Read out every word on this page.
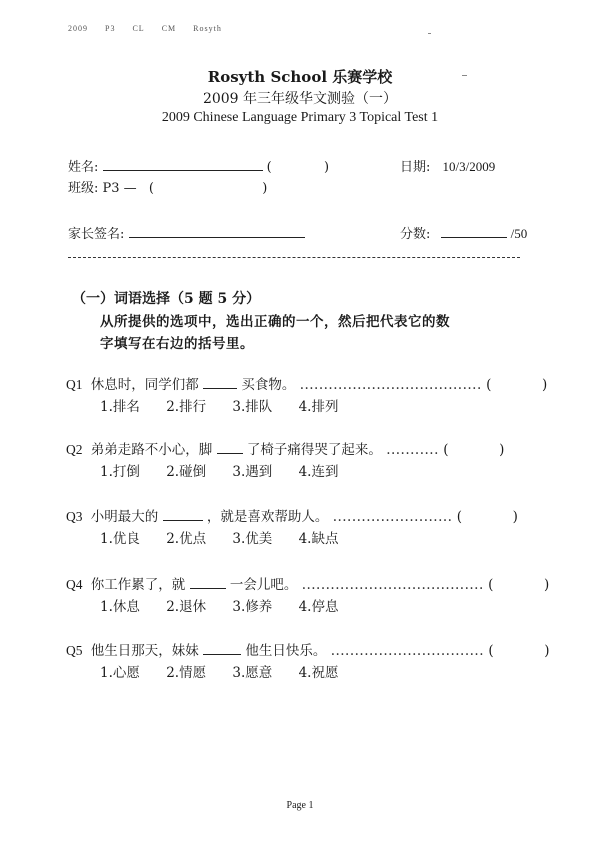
2009 P3 CL CM Rosyth
Rosyth School 乐赛学校
2009 年三年级华文测验（一）
2009 Chinese Language Primary 3 Topical Test 1
姓名:	(	)	日期: 10/3/2009
班级: P3 — (	)
家长签名:	分数:	/50
（一）词语选择（5 题 5 分）
从所提供的选项中，选出正确的一个，然后把代表它的数
字填写在右边的括号里。
Q1 休息时，同学们都	买食物。 ...................................... (	)
1.排名 2.排行 3.排队 4.排列
Q2 弟弟走路不小心，脚	了椅子痛得哭了起来。 ........... (	)
1.打倒 2.碰倒 3.遇到 4.连到
Q3 小明最大的	，就是喜欢帮助人。 ......................... (	)
1.优良 2.优点 3.优美 4.缺点
Q4 你工作累了，就	一会儿吧。 ...................................... (	)
1.休息 2.退休 3.修养 4.停息
Q5 他生日那天，妹妹	他生日快乐。 ................................ (	)
1.心愿 2.情愿 3.愿意 4.祝愿
Page 1
